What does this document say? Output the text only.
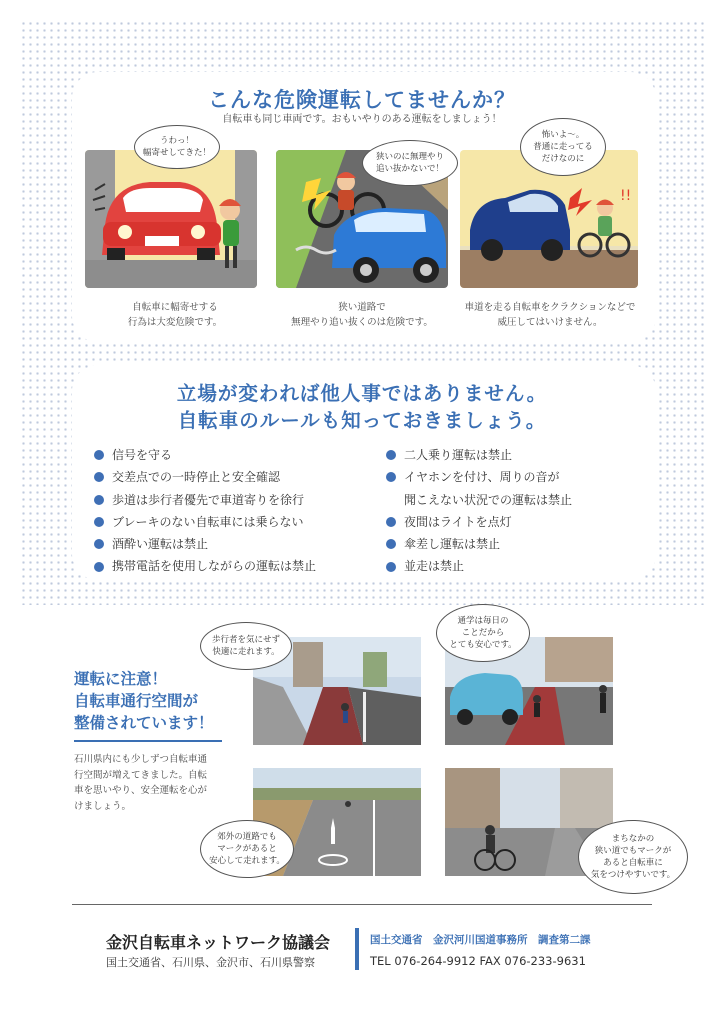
こんな危険運転してませんか？

自転車も同じ車両です。おもいやりのある運転をしましょう！

!!
うわっ！
幅寄せしてきた！	狭いのに無理やり
追い抜かないで！
怖いよ〜。
普通に走ってる
だけなのに

自転車に幅寄せする
行為は大変危険です。

狭い道路で
無理やり追い抜くのは危険です。

車道を走る自転車をクラクションなどで
威圧してはいけません。

立場が変われば他人事ではありません。
自転車のルールも知っておきましょう。
信号を守る
交差点での一時停止と安全確認
歩道は歩行者優先で車道寄りを徐行
ブレーキのない自転車には乗らない
酒酔い運転は禁止
携帯電話を使用しながらの運転は禁止
二人乗り運転は禁止
イヤホンを付け、周りの音が
聞こえない状況での運転は禁止
夜間はライトを点灯
傘差し運転は禁止
並走は禁止
運転に注意！
自転車通行空間が
整備されています！

石川県内にも少しずつ自転車通
行空間が増えてきました。自転
車を思いやり、安全運転を心が
けましょう。

歩行者を気にせず
快適に走れます。
通学は毎日の
ことだから
とても安心です。
郊外の道路でも
マークがあると
安心して走れます。
まちなかの
狭い道でもマークが
あると自転車に
気をつけやすいです。
金沢自転車ネットワーク協議会
国土交通省、石川県、金沢市、石川県警察
国土交通省　金沢河川国道事務所　調査第二課
TEL 076-264-9912 FAX 076-233-9631
